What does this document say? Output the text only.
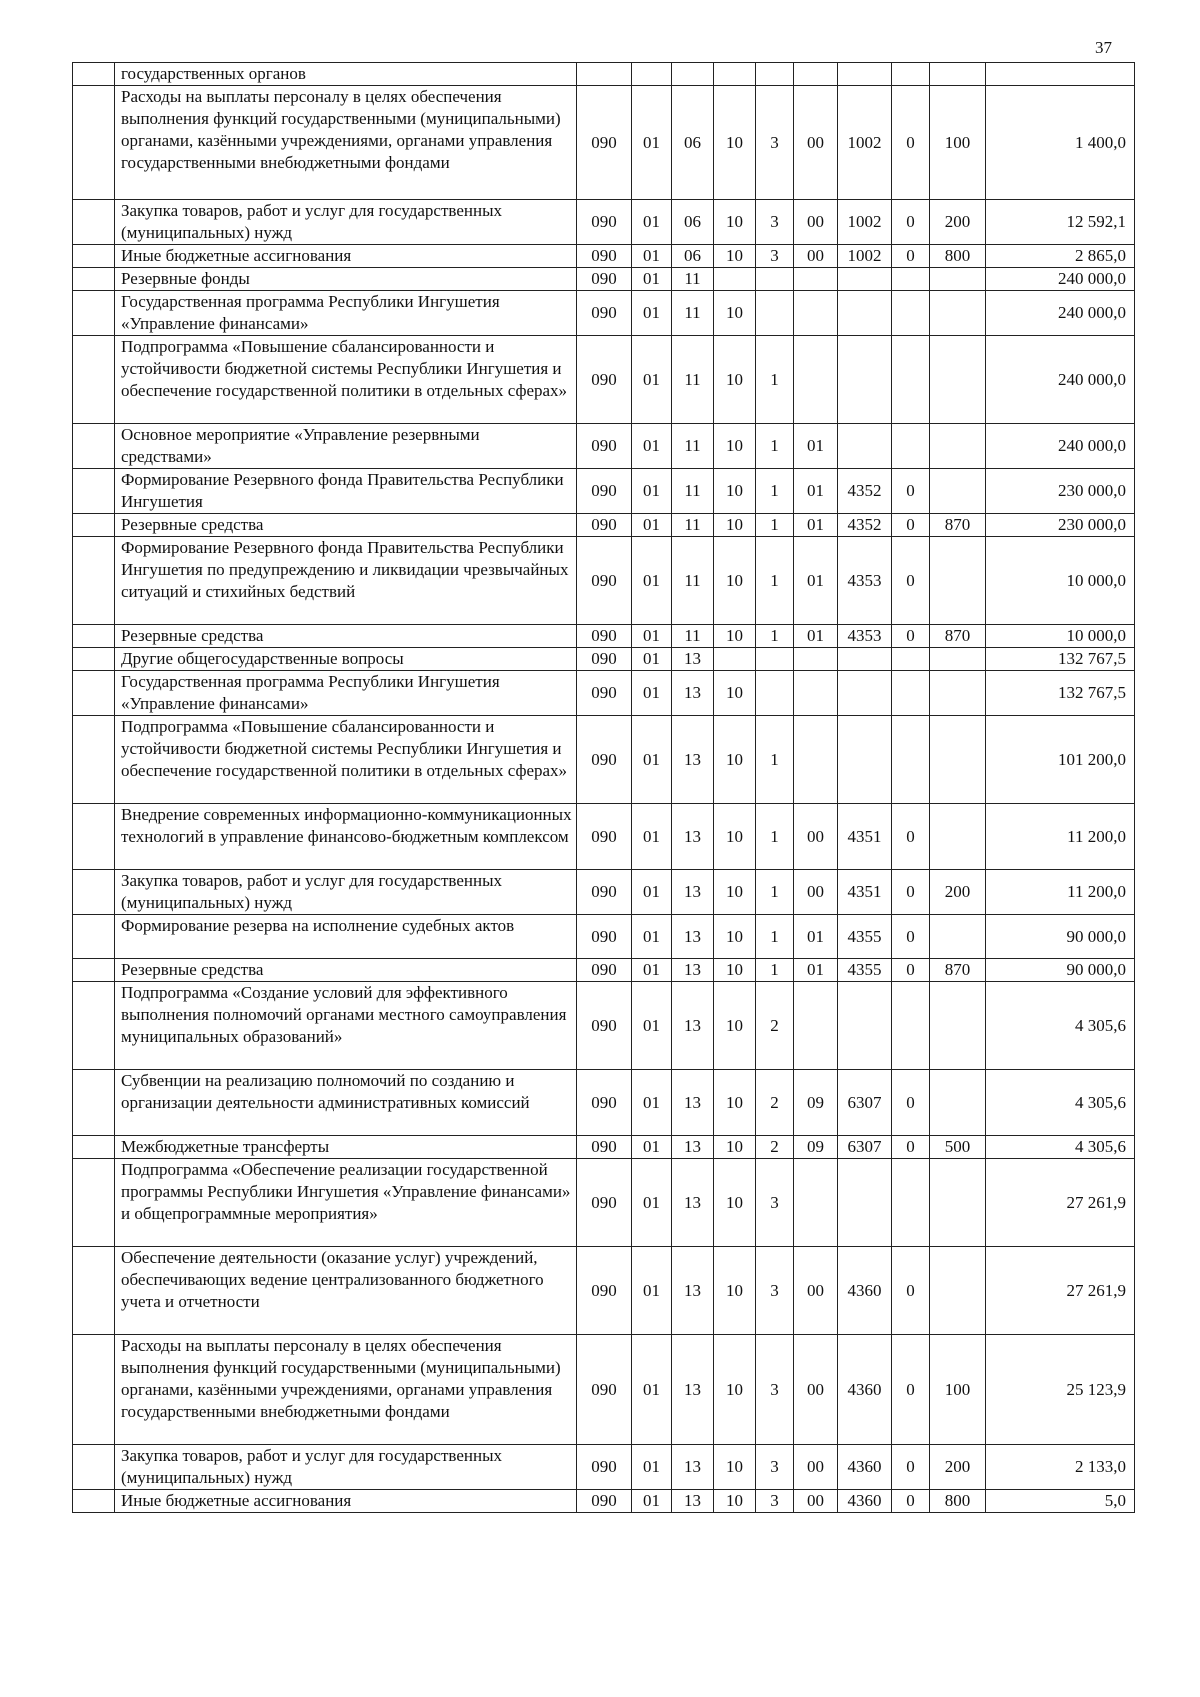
37
	государственных органов										
	Расходы на выплаты персоналу в целях обеспечения выполнения функций государственными (муниципальными) органами, казёнными учреждениями, органами управления государственными внебюджетными фондами	090	01	06	10	3	00	1002	0	100	1 400,0
	Закупка товаров, работ и услуг для государственных (муниципальных) нужд	090	01	06	10	3	00	1002	0	200	12 592,1
	Иные бюджетные ассигнования	090	01	06	10	3	00	1002	0	800	2 865,0
	Резервные фонды	090	01	11							240 000,0
	Государственная программа Республики Ингушетия «Управление финансами»	090	01	11	10						240 000,0
	Подпрограмма «Повышение сбалансированности и устойчивости бюджетной системы Республики Ингушетия и обеспечение государственной политики в отдельных сферах»	090	01	11	10	1					240 000,0
	Основное мероприятие «Управление резервными средствами»	090	01	11	10	1	01				240 000,0
	Формирование Резервного фонда Правительства Республики Ингушетия	090	01	11	10	1	01	4352	0		230 000,0
	Резервные средства	090	01	11	10	1	01	4352	0	870	230 000,0
	Формирование Резервного фонда Правительства Республики Ингушетия по предупреждению и ликвидации чрезвычайных ситуаций и стихийных бедствий	090	01	11	10	1	01	4353	0		10 000,0
	Резервные средства	090	01	11	10	1	01	4353	0	870	10 000,0
	Другие общегосударственные вопросы	090	01	13							132 767,5
	Государственная программа Республики Ингушетия «Управление финансами»	090	01	13	10						132 767,5
	Подпрограмма «Повышение сбалансированности и устойчивости бюджетной системы Республики Ингушетия и обеспечение государственной политики в отдельных сферах»	090	01	13	10	1					101 200,0
	Внедрение современных информационно-коммуникационных технологий в управление финансово-бюджетным комплексом	090	01	13	10	1	00	4351	0		11 200,0
	Закупка товаров, работ и услуг для государственных (муниципальных) нужд	090	01	13	10	1	00	4351	0	200	11 200,0
	Формирование резерва на исполнение судебных актов	090	01	13	10	1	01	4355	0		90 000,0
	Резервные средства	090	01	13	10	1	01	4355	0	870	90 000,0
	Подпрограмма «Создание условий для эффективного выполнения полномочий органами местного самоуправления муниципальных образований»	090	01	13	10	2					4 305,6
	Субвенции на реализацию полномочий по созданию и организации деятельности административных комиссий	090	01	13	10	2	09	6307	0		4 305,6
	Межбюджетные трансферты	090	01	13	10	2	09	6307	0	500	4 305,6
	Подпрограмма «Обеспечение реализации государственной программы Республики Ингушетия «Управление финансами» и общепрограммные мероприятия»	090	01	13	10	3					27 261,9
	Обеспечение деятельности (оказание услуг) учреждений, обеспечивающих ведение централизованного бюджетного учета и отчетности	090	01	13	10	3	00	4360	0		27 261,9
	Расходы на выплаты персоналу в целях обеспечения выполнения функций государственными (муниципальными) органами, казёнными учреждениями, органами управления государственными внебюджетными фондами	090	01	13	10	3	00	4360	0	100	25 123,9
	Закупка товаров, работ и услуг для государственных (муниципальных) нужд	090	01	13	10	3	00	4360	0	200	2 133,0
	Иные бюджетные ассигнования	090	01	13	10	3	00	4360	0	800	5,0
